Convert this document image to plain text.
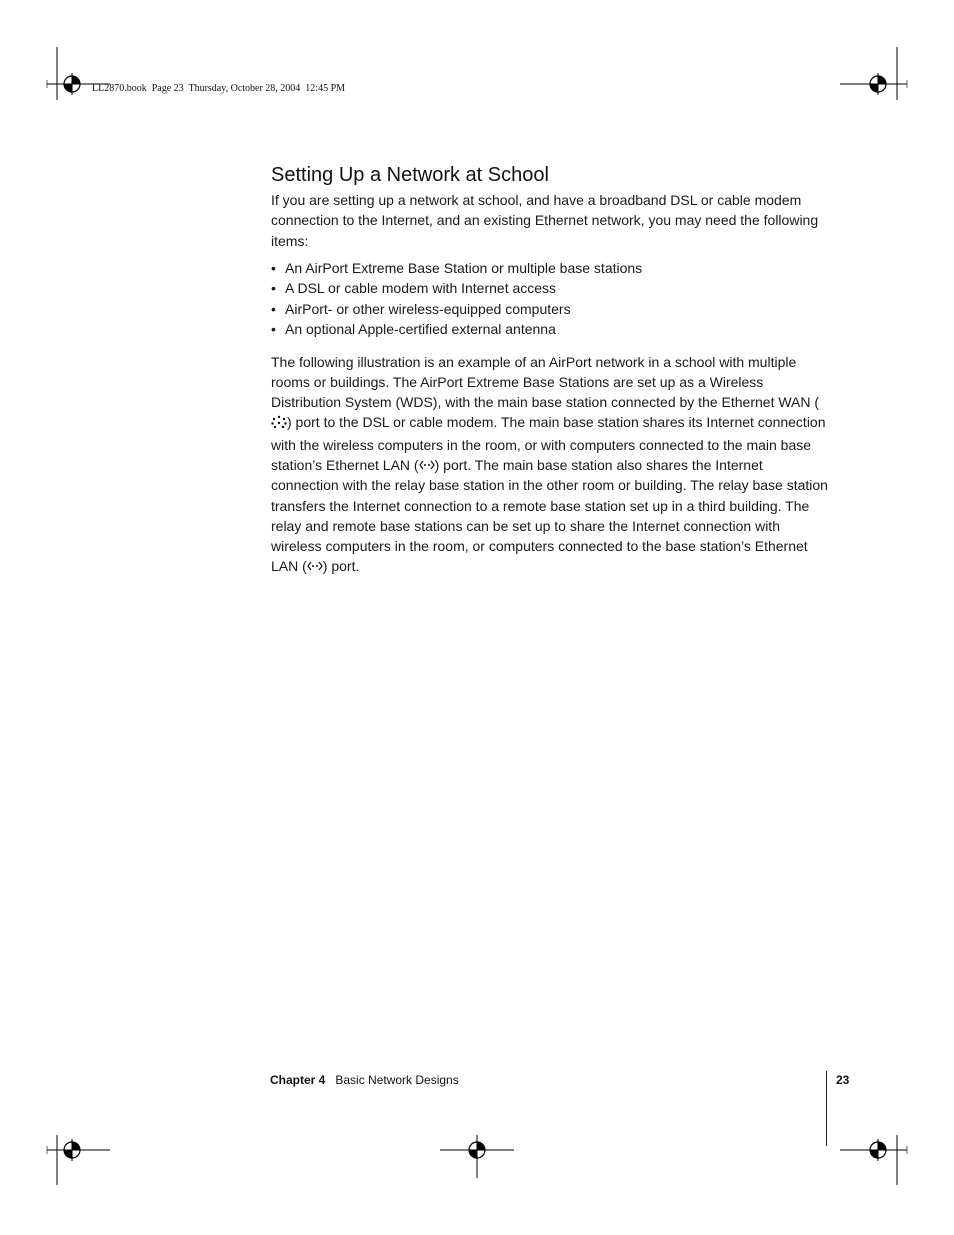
LL2870.book  Page 23  Thursday, October 28, 2004  12:45 PM
Setting Up a Network at School

If you are setting up a network at school, and have a broadband DSL or cable modem connection to the Internet, and an existing Ethernet network, you may need the following items:

• An AirPort Extreme Base Station or multiple base stations
• A DSL or cable modem with Internet access
• AirPort- or other wireless-equipped computers
• An optional Apple-certified external antenna

The following illustration is an example of an AirPort network in a school with multiple rooms or buildings. The AirPort Extreme Base Stations are set up as a Wireless Distribution System (WDS), with the main base station connected by the Ethernet WAN () port to the DSL or cable modem. The main base station shares its Internet connection with the wireless computers in the room, or with computers connected to the main base station’s Ethernet LAN ( ) port. The main base station also shares the Internet connection with the relay base station in the other room or building. The relay base station transfers the Internet connection to a remote base station set up in a third building. The relay and remote base stations can be set up to share the Internet connection with wireless computers in the room, or computers connected to the base station’s Ethernet LAN ( ) port.

Chapter 4 Basic Network Designs	23
